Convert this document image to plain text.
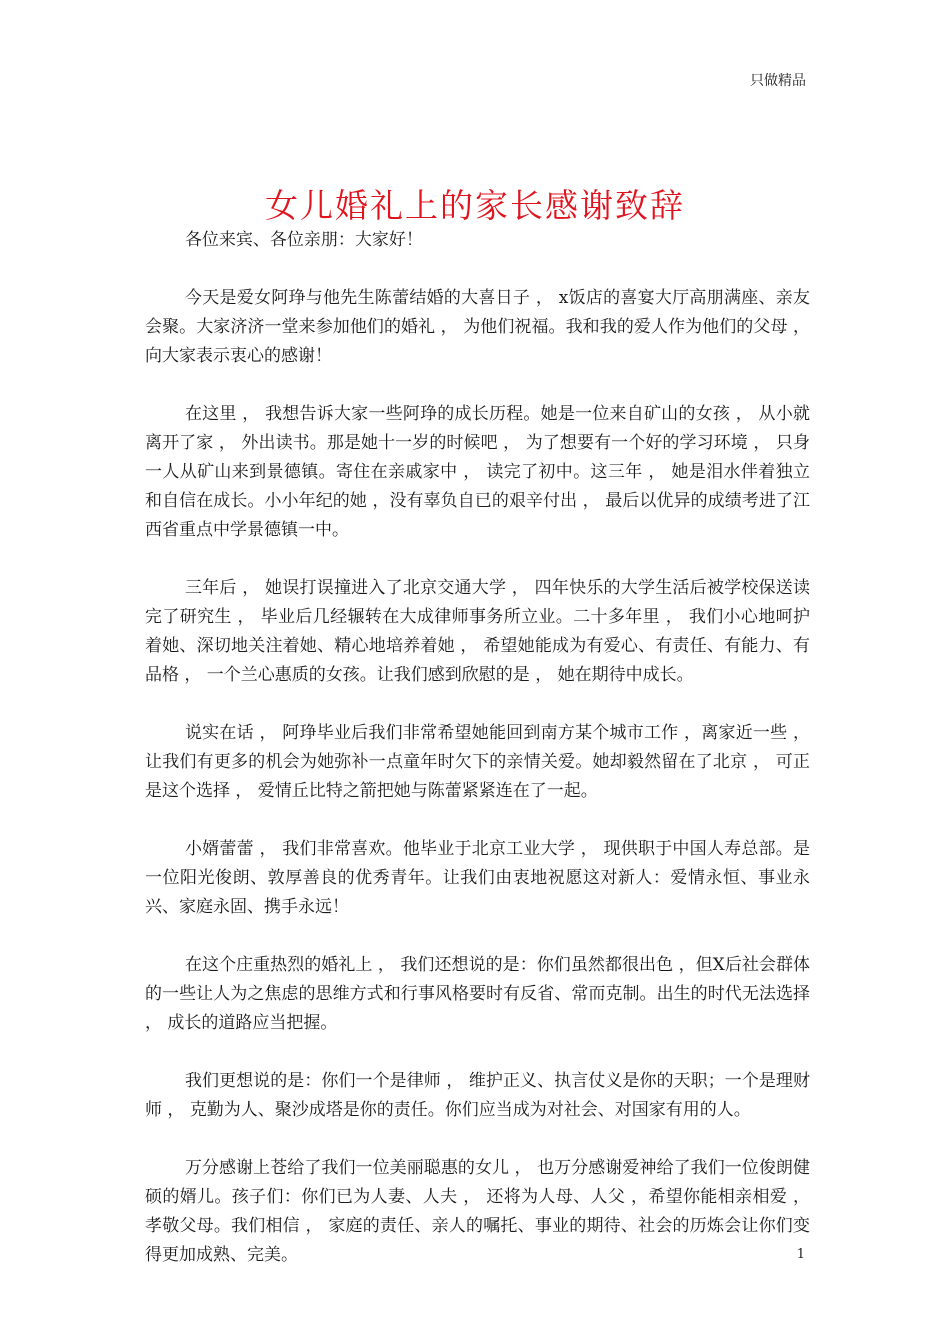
只做精品
女儿婚礼上的家长感谢致辞

各位来宾、各位亲朋：大家好！

今天是爱女阿琤与他先生陈蕾结婚的大喜日子 ， x饭店的喜宴大厅高朋满座、亲友会聚。大家济济一堂来参加他们的婚礼 ， 为他们祝福。我和我的爱人作为他们的父母 ， 向大家表示衷心的感谢！

在这里 ， 我想告诉大家一些阿琤的成长历程。她是一位来自矿山的女孩 ， 从小就离开了家 ， 外出读书。那是她十一岁的时候吧 ， 为了想要有一个好的学习环境 ， 只身一人从矿山来到景德镇。寄住在亲戚家中 ， 读完了初中。这三年 ， 她是泪水伴着独立和自信在成长。小小年纪的她 ，没有辜负自已的艰辛付出 ， 最后以优异的成绩考进了江西省重点中学景德镇一中。

三年后 ， 她误打误撞进入了北京交通大学 ， 四年快乐的大学生活后被学校保送读完了研究生 ， 毕业后几经辗转在大成律师事务所立业。二十多年里 ， 我们小心地呵护着她、深切地关注着她、精心地培养着她 ， 希望她能成为有爱心、有责任、有能力、有品格 ， 一个兰心惠质的女孩。让我们感到欣慰的是 ， 她在期待中成长。

说实在话 ， 阿琤毕业后我们非常希望她能回到南方某个城市工作 ，离家近一些 ， 让我们有更多的机会为她弥补一点童年时欠下的亲情关爱。她却毅然留在了北京 ， 可正是这个选择 ， 爱情丘比特之箭把她与陈蕾紧紧连在了一起。

小婿蕾蕾 ， 我们非常喜欢。他毕业于北京工业大学 ， 现供职于中国人寿总部。是一位阳光俊朗、敦厚善良的优秀青年。让我们由衷地祝愿这对新人：爱情永恒、事业永兴、家庭永固、携手永远！

在这个庄重热烈的婚礼上 ， 我们还想说的是：你们虽然都很出色 ，但X后社会群体的一些让人为之焦虑的思维方式和行事风格要时有反省、常而克制。出生的时代无法选择 ， 成长的道路应当把握。

我们更想说的是：你们一个是律师 ， 维护正义、执言仗义是你的天职；一个是理财师 ， 克勤为人、聚沙成塔是你的责任。你们应当成为对社会、对国家有用的人。

万分感谢上苍给了我们一位美丽聪惠的女儿 ， 也万分感谢爱神给了我们一位俊朗健硕的婿儿。孩子们：你们已为人妻、人夫 ， 还将为人母、人父 ，希望你能相亲相爱 ， 孝敬父母。我们相信 ， 家庭的责任、亲人的嘱托、事业的期待、社会的历炼会让你们变得更加成熟、完美。	1
